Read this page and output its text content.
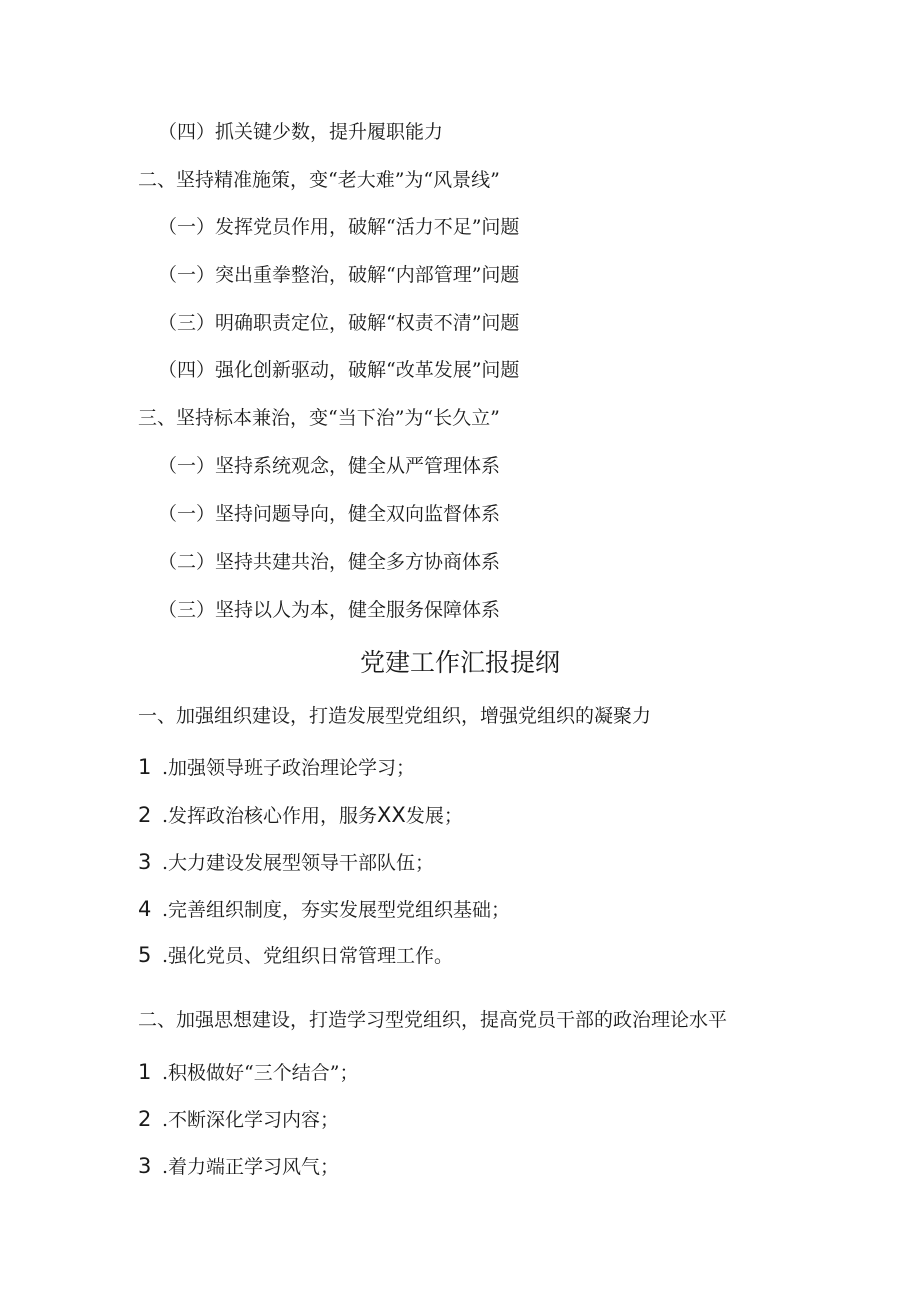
（四）抓关键少数，提升履职能力
二、坚持精准施策，变“老大难”为“风景线”
（一）发挥党员作用，破解“活力不足”问题
（一）突出重拳整治，破解“内部管理”问题
（三）明确职责定位，破解“权责不清”问题
（四）强化创新驱动，破解“改革发展”问题
三、坚持标本兼治，变“当下治”为“长久立”
（一）坚持系统观念，健全从严管理体系
（一）坚持问题导向，健全双向监督体系
（二）坚持共建共治，健全多方协商体系
（三）坚持以人为本，健全服务保障体系
党建工作汇报提纲
一、加强组织建设，打造发展型党组织，增强党组织的凝聚力
1 .加强领导班子政治理论学习；
2 .发挥政治核心作用，服务XX发展；
3 .大力建设发展型领导干部队伍；
4 .完善组织制度，夯实发展型党组织基础；
5 .强化党员、党组织日常管理工作。
二、加强思想建设，打造学习型党组织，提高党员干部的政治理论水平
1 .积极做好“三个结合”；
2 .不断深化学习内容；
3 .着力端正学习风气；
